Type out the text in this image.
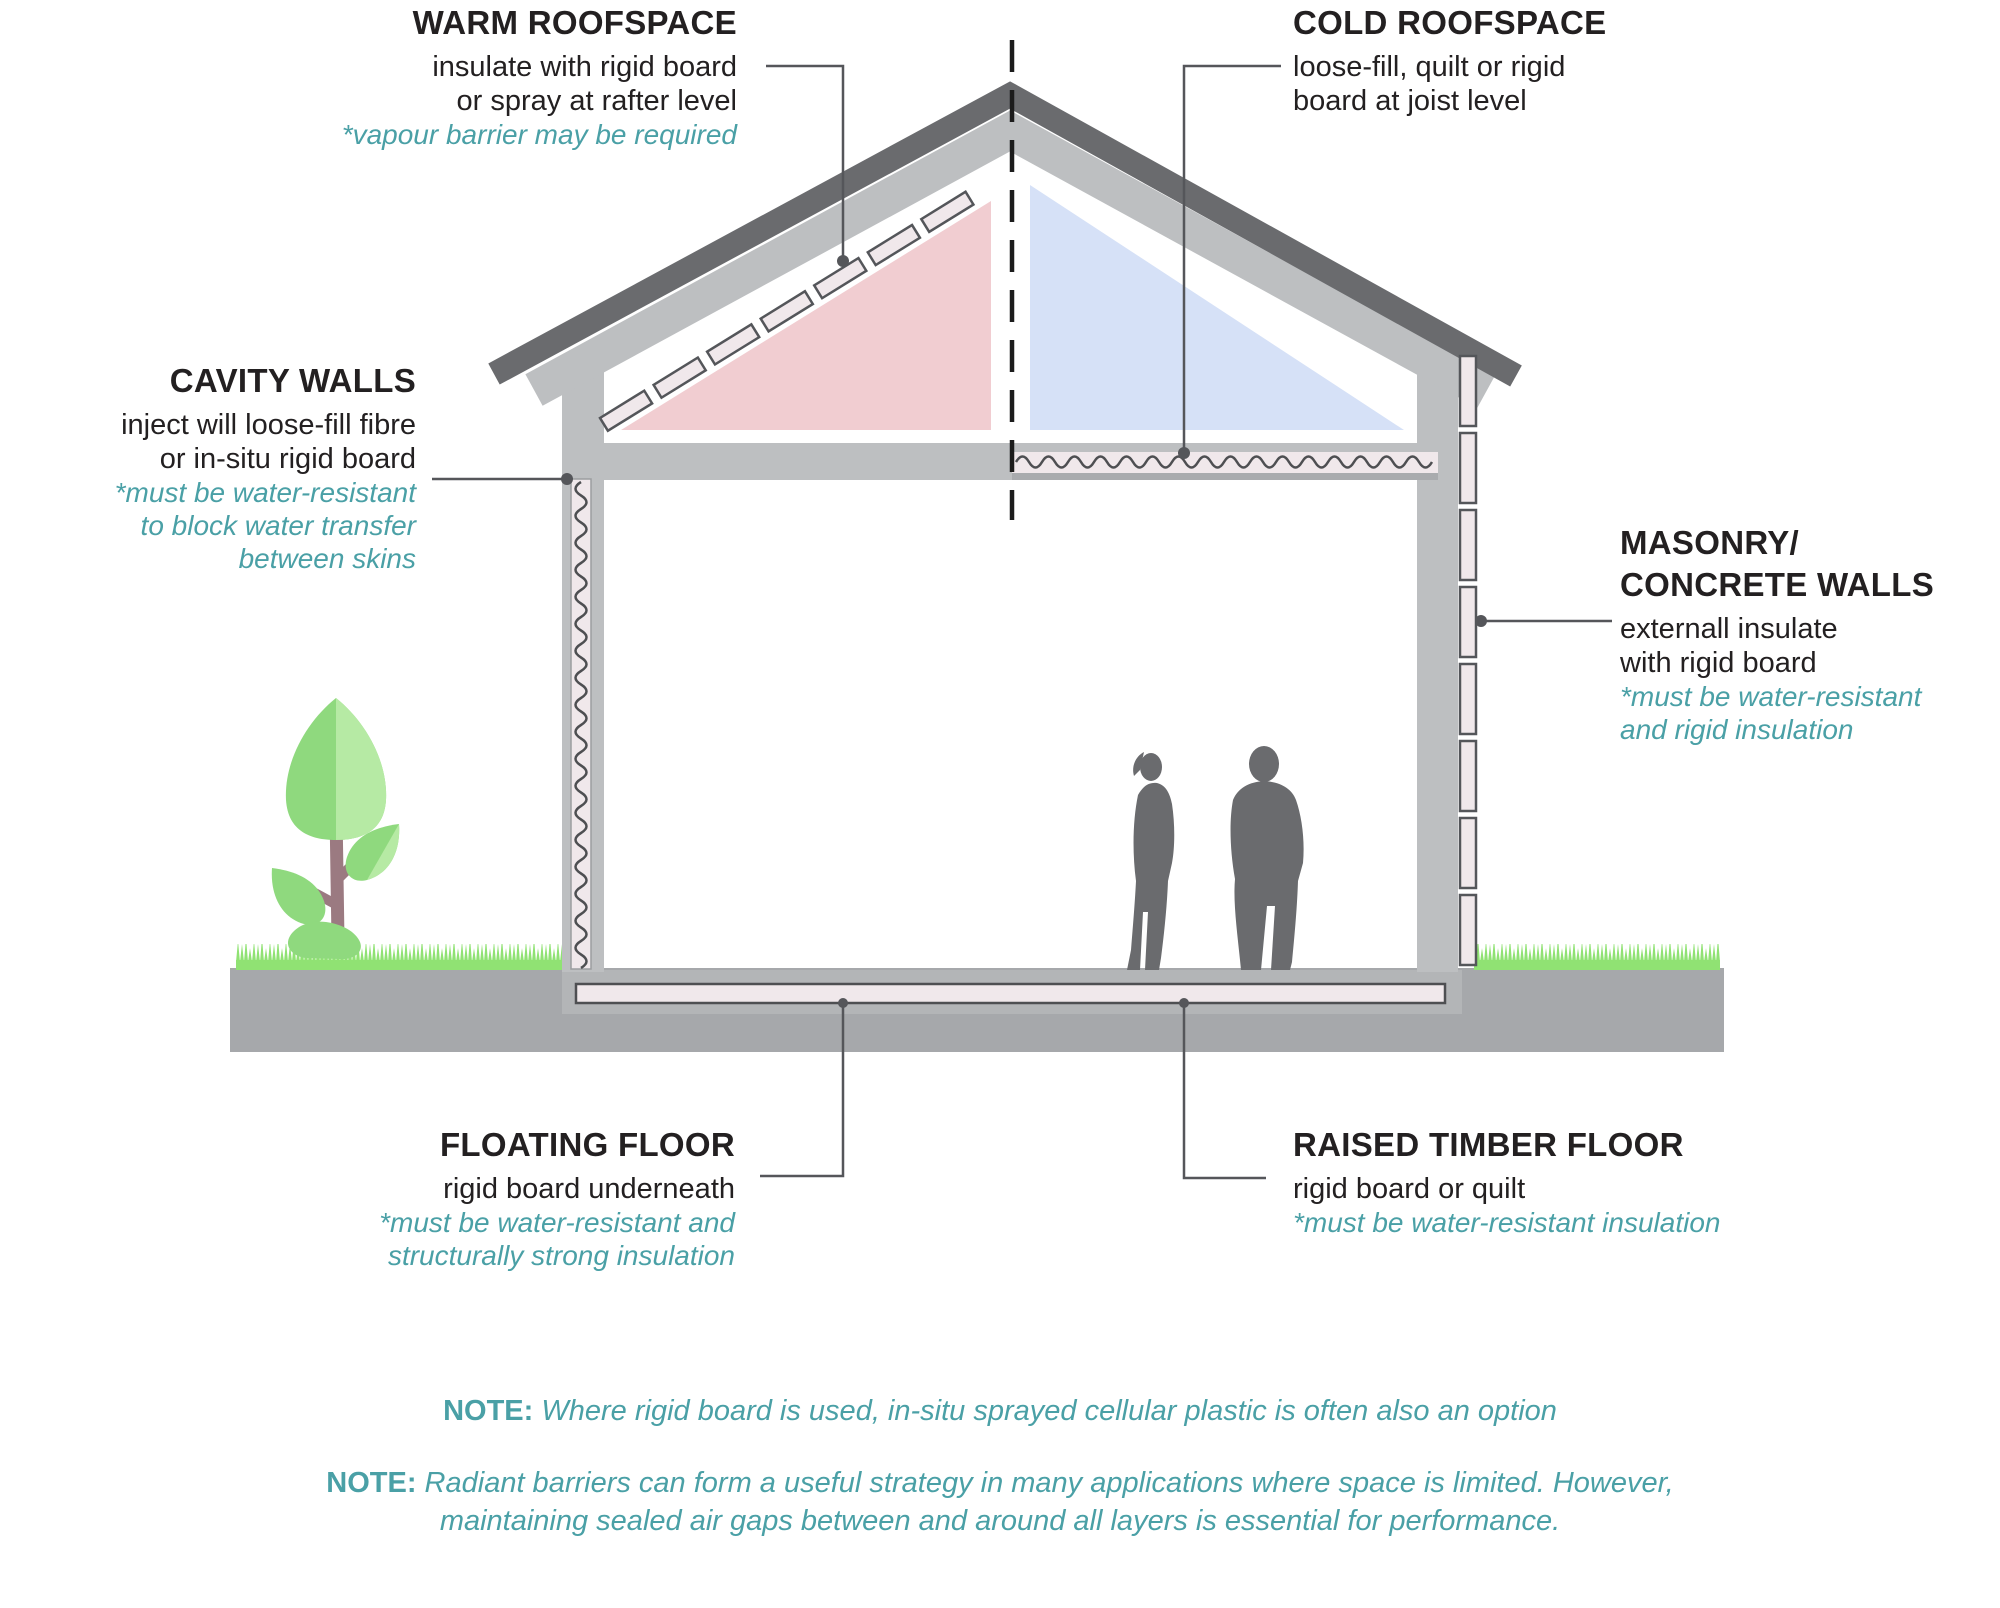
WARM ROOFSPACE
insulate with rigid board
or spray at rafter level
*vapour barrier may be required
COLD ROOFSPACE
loose-fill, quilt or rigid
board at joist level
CAVITY WALLS
inject will loose-fill fibre
or in-situ rigid board
*must be water-resistant
to block water transfer
between skins	MASONRY/
CONCRETE WALLS
externall insulate
with rigid board
*must be water-resistant
and rigid insulation
FLOATING FLOOR
rigid board underneath
*must be water-resistant and
structurally strong insulation
RAISED TIMBER FLOOR
rigid board or quilt
*must be water-resistant insulation
NOTE: Where rigid board is used, in-situ sprayed cellular plastic is often also an option
NOTE: Radiant barriers can form a useful strategy in many applications where space is limited. However, maintaining sealed air gaps between and around all layers is essential for performance.
